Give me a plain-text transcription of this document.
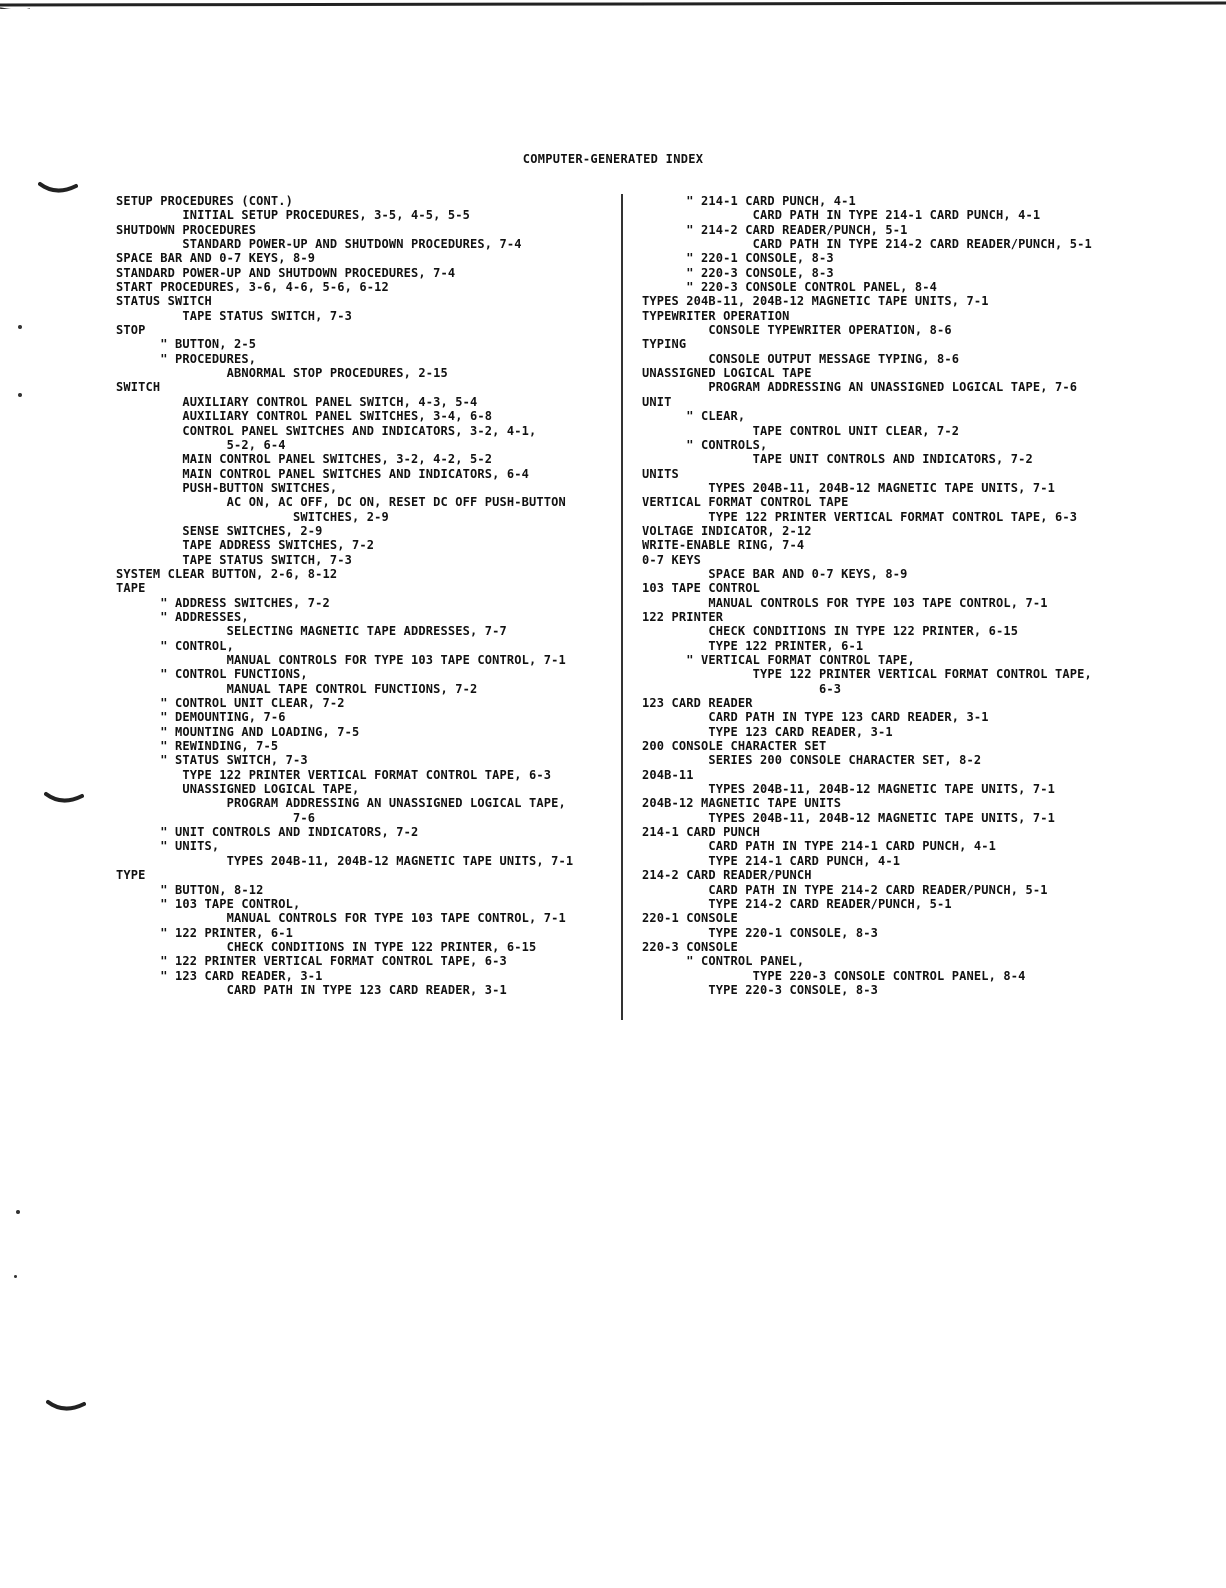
COMPUTER-GENERATED INDEX
SETUP PROCEDURES (CONT.)
INITIAL SETUP PROCEDURES, 3-5, 4-5, 5-5
SHUTDOWN PROCEDURES
STANDARD POWER-UP AND SHUTDOWN PROCEDURES, 7-4
SPACE BAR AND 0-7 KEYS, 8-9
STANDARD POWER-UP AND SHUTDOWN PROCEDURES, 7-4
START PROCEDURES, 3-6, 4-6, 5-6, 6-12
STATUS SWITCH
TAPE STATUS SWITCH, 7-3
STOP
" BUTTON, 2-5
" PROCEDURES,
ABNORMAL STOP PROCEDURES, 2-15
SWITCH
AUXILIARY CONTROL PANEL SWITCH, 4-3, 5-4
AUXILIARY CONTROL PANEL SWITCHES, 3-4, 6-8
CONTROL PANEL SWITCHES AND INDICATORS, 3-2, 4-1,
5-2, 6-4
MAIN CONTROL PANEL SWITCHES, 3-2, 4-2, 5-2
MAIN CONTROL PANEL SWITCHES AND INDICATORS, 6-4
PUSH-BUTTON SWITCHES,
AC ON, AC OFF, DC ON, RESET DC OFF PUSH-BUTTON
SWITCHES, 2-9
SENSE SWITCHES, 2-9
TAPE ADDRESS SWITCHES, 7-2
TAPE STATUS SWITCH, 7-3
SYSTEM CLEAR BUTTON, 2-6, 8-12
TAPE
" ADDRESS SWITCHES, 7-2
" ADDRESSES,
SELECTING MAGNETIC TAPE ADDRESSES, 7-7
" CONTROL,
MANUAL CONTROLS FOR TYPE 103 TAPE CONTROL, 7-1
" CONTROL FUNCTIONS,
MANUAL TAPE CONTROL FUNCTIONS, 7-2
" CONTROL UNIT CLEAR, 7-2
" DEMOUNTING, 7-6
" MOUNTING AND LOADING, 7-5
" REWINDING, 7-5
" STATUS SWITCH, 7-3
TYPE 122 PRINTER VERTICAL FORMAT CONTROL TAPE, 6-3
UNASSIGNED LOGICAL TAPE,
PROGRAM ADDRESSING AN UNASSIGNED LOGICAL TAPE,
7-6
" UNIT CONTROLS AND INDICATORS, 7-2
" UNITS,
TYPES 204B-11, 204B-12 MAGNETIC TAPE UNITS, 7-1
TYPE
" BUTTON, 8-12
" 103 TAPE CONTROL,
MANUAL CONTROLS FOR TYPE 103 TAPE CONTROL, 7-1
" 122 PRINTER, 6-1
CHECK CONDITIONS IN TYPE 122 PRINTER, 6-15
" 122 PRINTER VERTICAL FORMAT CONTROL TAPE, 6-3
" 123 CARD READER, 3-1
CARD PATH IN TYPE 123 CARD READER, 3-1
" 214-1 CARD PUNCH, 4-1
CARD PATH IN TYPE 214-1 CARD PUNCH, 4-1
" 214-2 CARD READER/PUNCH, 5-1
CARD PATH IN TYPE 214-2 CARD READER/PUNCH, 5-1
" 220-1 CONSOLE, 8-3
" 220-3 CONSOLE, 8-3
" 220-3 CONSOLE CONTROL PANEL, 8-4
TYPES 204B-11, 204B-12 MAGNETIC TAPE UNITS, 7-1
TYPEWRITER OPERATION
CONSOLE TYPEWRITER OPERATION, 8-6
TYPING
CONSOLE OUTPUT MESSAGE TYPING, 8-6
UNASSIGNED LOGICAL TAPE
PROGRAM ADDRESSING AN UNASSIGNED LOGICAL TAPE, 7-6
UNIT
" CLEAR,
TAPE CONTROL UNIT CLEAR, 7-2
" CONTROLS,
TAPE UNIT CONTROLS AND INDICATORS, 7-2
UNITS
TYPES 204B-11, 204B-12 MAGNETIC TAPE UNITS, 7-1
VERTICAL FORMAT CONTROL TAPE
TYPE 122 PRINTER VERTICAL FORMAT CONTROL TAPE, 6-3
VOLTAGE INDICATOR, 2-12
WRITE-ENABLE RING, 7-4
0-7 KEYS
SPACE BAR AND 0-7 KEYS, 8-9
103 TAPE CONTROL
MANUAL CONTROLS FOR TYPE 103 TAPE CONTROL, 7-1
122 PRINTER
CHECK CONDITIONS IN TYPE 122 PRINTER, 6-15
TYPE 122 PRINTER, 6-1
" VERTICAL FORMAT CONTROL TAPE,
TYPE 122 PRINTER VERTICAL FORMAT CONTROL TAPE,
6-3
123 CARD READER
CARD PATH IN TYPE 123 CARD READER, 3-1
TYPE 123 CARD READER, 3-1
200 CONSOLE CHARACTER SET
SERIES 200 CONSOLE CHARACTER SET, 8-2
204B-11
TYPES 204B-11, 204B-12 MAGNETIC TAPE UNITS, 7-1
204B-12 MAGNETIC TAPE UNITS
TYPES 204B-11, 204B-12 MAGNETIC TAPE UNITS, 7-1
214-1 CARD PUNCH
CARD PATH IN TYPE 214-1 CARD PUNCH, 4-1
TYPE 214-1 CARD PUNCH, 4-1
214-2 CARD READER/PUNCH
CARD PATH IN TYPE 214-2 CARD READER/PUNCH, 5-1
TYPE 214-2 CARD READER/PUNCH, 5-1
220-1 CONSOLE
TYPE 220-1 CONSOLE, 8-3
220-3 CONSOLE
" CONTROL PANEL,
TYPE 220-3 CONSOLE CONTROL PANEL, 8-4
TYPE 220-3 CONSOLE, 8-3
